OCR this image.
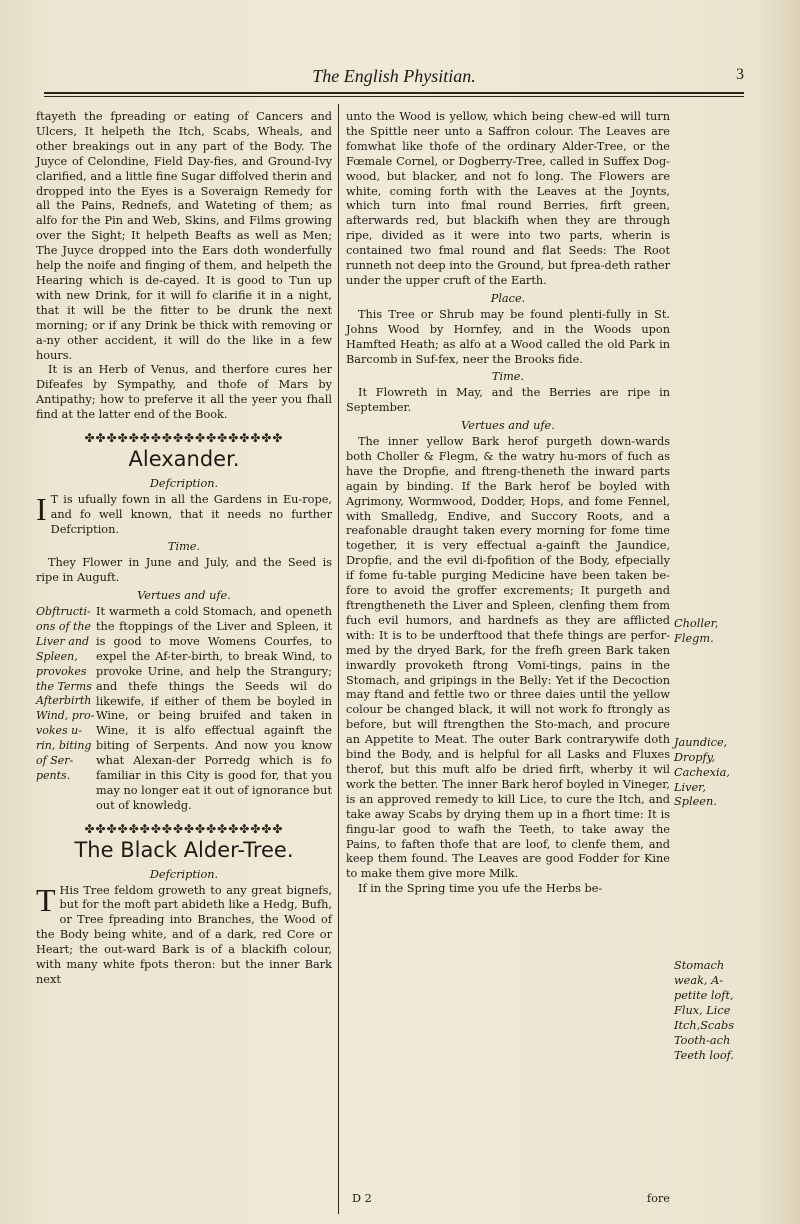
The English Physitian.	3

ftayeth the fpreading or eating of Cancers and Ulcers, It helpeth the Itch, Scabs, Wheals, and other breakings out in any part of the Body. The Juyce of Celondine, Field Day-fies, and Ground-Ivy clarified, and a little fine Sugar diffolved therin and dropped into the Eyes is a Soveraign Remedy for all the Pains, Rednefs, and Wateting of them; as alfo for the Pin and Web, Skins, and Films growing over the Sight; It helpeth Beafts as well as Men; The Juyce dropped into the Ears doth wonderfully help the noife and finging of them, and helpeth the Hearing which is de-cayed. It is good to Tun up with new Drink, for it will fo clarifie it in a night, that it will be the fitter to be drunk the next morning; or if any Drink be thick with removing or a-ny other accident, it will do the like in a few hours.

It is an Herb of Venus, and therfore cures her Difeafes by Sympathy, and thofe of Mars by Antipathy; how to preferve it all the yeer you fhall find at the latter end of the Book.

✤✤✤✤✤✤✤✤✤✤✤✤✤✤✤✤✤✤
Alexander.
Defcription.

I T is ufually fown in all the Gardens in Eu-rope, and fo well known, that it needs no further Defcription.

Time.

They Flower in June and July, and the Seed is ripe in Auguft.

Vertues and ufe.
Obftructi-
ons of the
Liver and
Spleen,
provokes
the Terms
Afterbirth
Wind, pro-
vokes u-
rin, biting
of Ser-
pents.

It warmeth a cold Stomach, and openeth the ftoppings of the Liver and Spleen, it is good to move Womens Courfes, to expel the Af-ter-birth, to break Wind, to provoke Urine, and help the Strangury; and thefe things the Seeds wil do likewife, if either of them be boyled in Wine, or being bruifed and taken in Wine, it is alfo effectual againft the biting of Serpents. And now you know what Alexan-der Porredg which is fo familiar in this City is good for, that you may no longer eat it out of ignorance but out of knowledg.

✤✤✤✤✤✤✤✤✤✤✤✤✤✤✤✤✤✤
The Black Alder-Tree.
Defcription.

T His Tree feldom groweth to any great bignefs, but for the moft part abideth like a Hedg, Bufh, or Tree fpreading into Branches, the Wood of the Body being white, and of a dark, red Core or Heart; the out-ward Bark is of a blackifh colour, with many white fpots theron: but the inner Bark next

unto the Wood is yellow, which being chew-ed will turn the Spittle neer unto a Saffron colour. The Leaves are fomwhat like thofe of the ordinary Alder-Tree, or the Fœmale Cornel, or Dogberry-Tree, called in Suffex Dog-wood, but blacker, and not fo long. The Flowers are white, coming forth with the Leaves at the Joynts, which turn into fmal round Berries, firft green, afterwards red, but blackifh when they are through ripe, divided as it were into two parts, wherin is contained two fmal round and flat Seeds: The Root runneth not deep into the Ground, but fprea-deth rather under the upper cruft of the Earth.

Place.

This Tree or Shrub may be found plenti-fully in St. Johns Wood by Hornfey, and in the Woods upon Hamfted Heath; as alfo at a Wood called the old Park in Barcomb in Suf-fex, neer the Brooks fide.

Time.

It Flowreth in May, and the Berries are ripe in September.

Vertues and ufe.

The inner yellow Bark herof purgeth down-wards both Choller & Flegm, & the watry hu-mors of fuch as have the Dropfie, and ftreng-theneth the inward parts again by binding. If the Bark herof be boyled with Agrimony, Wormwood, Dodder, Hops, and fome Fennel, with Smalledg, Endive, and Succory Roots, and a reafonable draught taken every morning for fome time together, it is very effectual a-gainft the Jaundice, Dropfie, and the evil di-fpofition of the Body, efpecially if fome fu-table purging Medicine have been taken be-fore to avoid the groffer excrements; It purgeth and ftrengtheneth the Liver and Spleen, clenfing them from fuch evil humors, and hardnefs as they are afflicted with: It is to be underftood that thefe things are perfor-med by the dryed Bark, for the frefh green Bark taken inwardly provoketh ftrong Vomi-tings, pains in the Stomach, and gripings in the Belly: Yet if the Decoction may ftand and fettle two or three daies until the yellow colour be changed black, it will not work fo ftrongly as before, but will ftrengthen the Sto-mach, and procure an Appetite to Meat. The outer Bark contrarywife doth bind the Body, and is helpful for all Lasks and Fluxes therof, but this muft alfo be dried firft, wherby it wil work the better. The inner Bark herof boyled in Vineger, is an approved remedy to kill Lice, to cure the Itch, and take away Scabs by drying them up in a fhort time: It is fingu-lar good to wafh the Teeth, to take away the Pains, to faften thofe that are loof, to clenfe them, and keep them found. The Leaves are good Fodder for Kine to make them give more Milk.

If in the Spring time you ufe the Herbs be-

Choller,
Flegm.
Jaundice,
Dropfy,
Cachexia,
Liver,
Spleen.
Stomach
weak, A-
petite loft,
Flux, Lice
Itch,Scabs
Tooth-ach
Teeth loof.
D 2	fore
